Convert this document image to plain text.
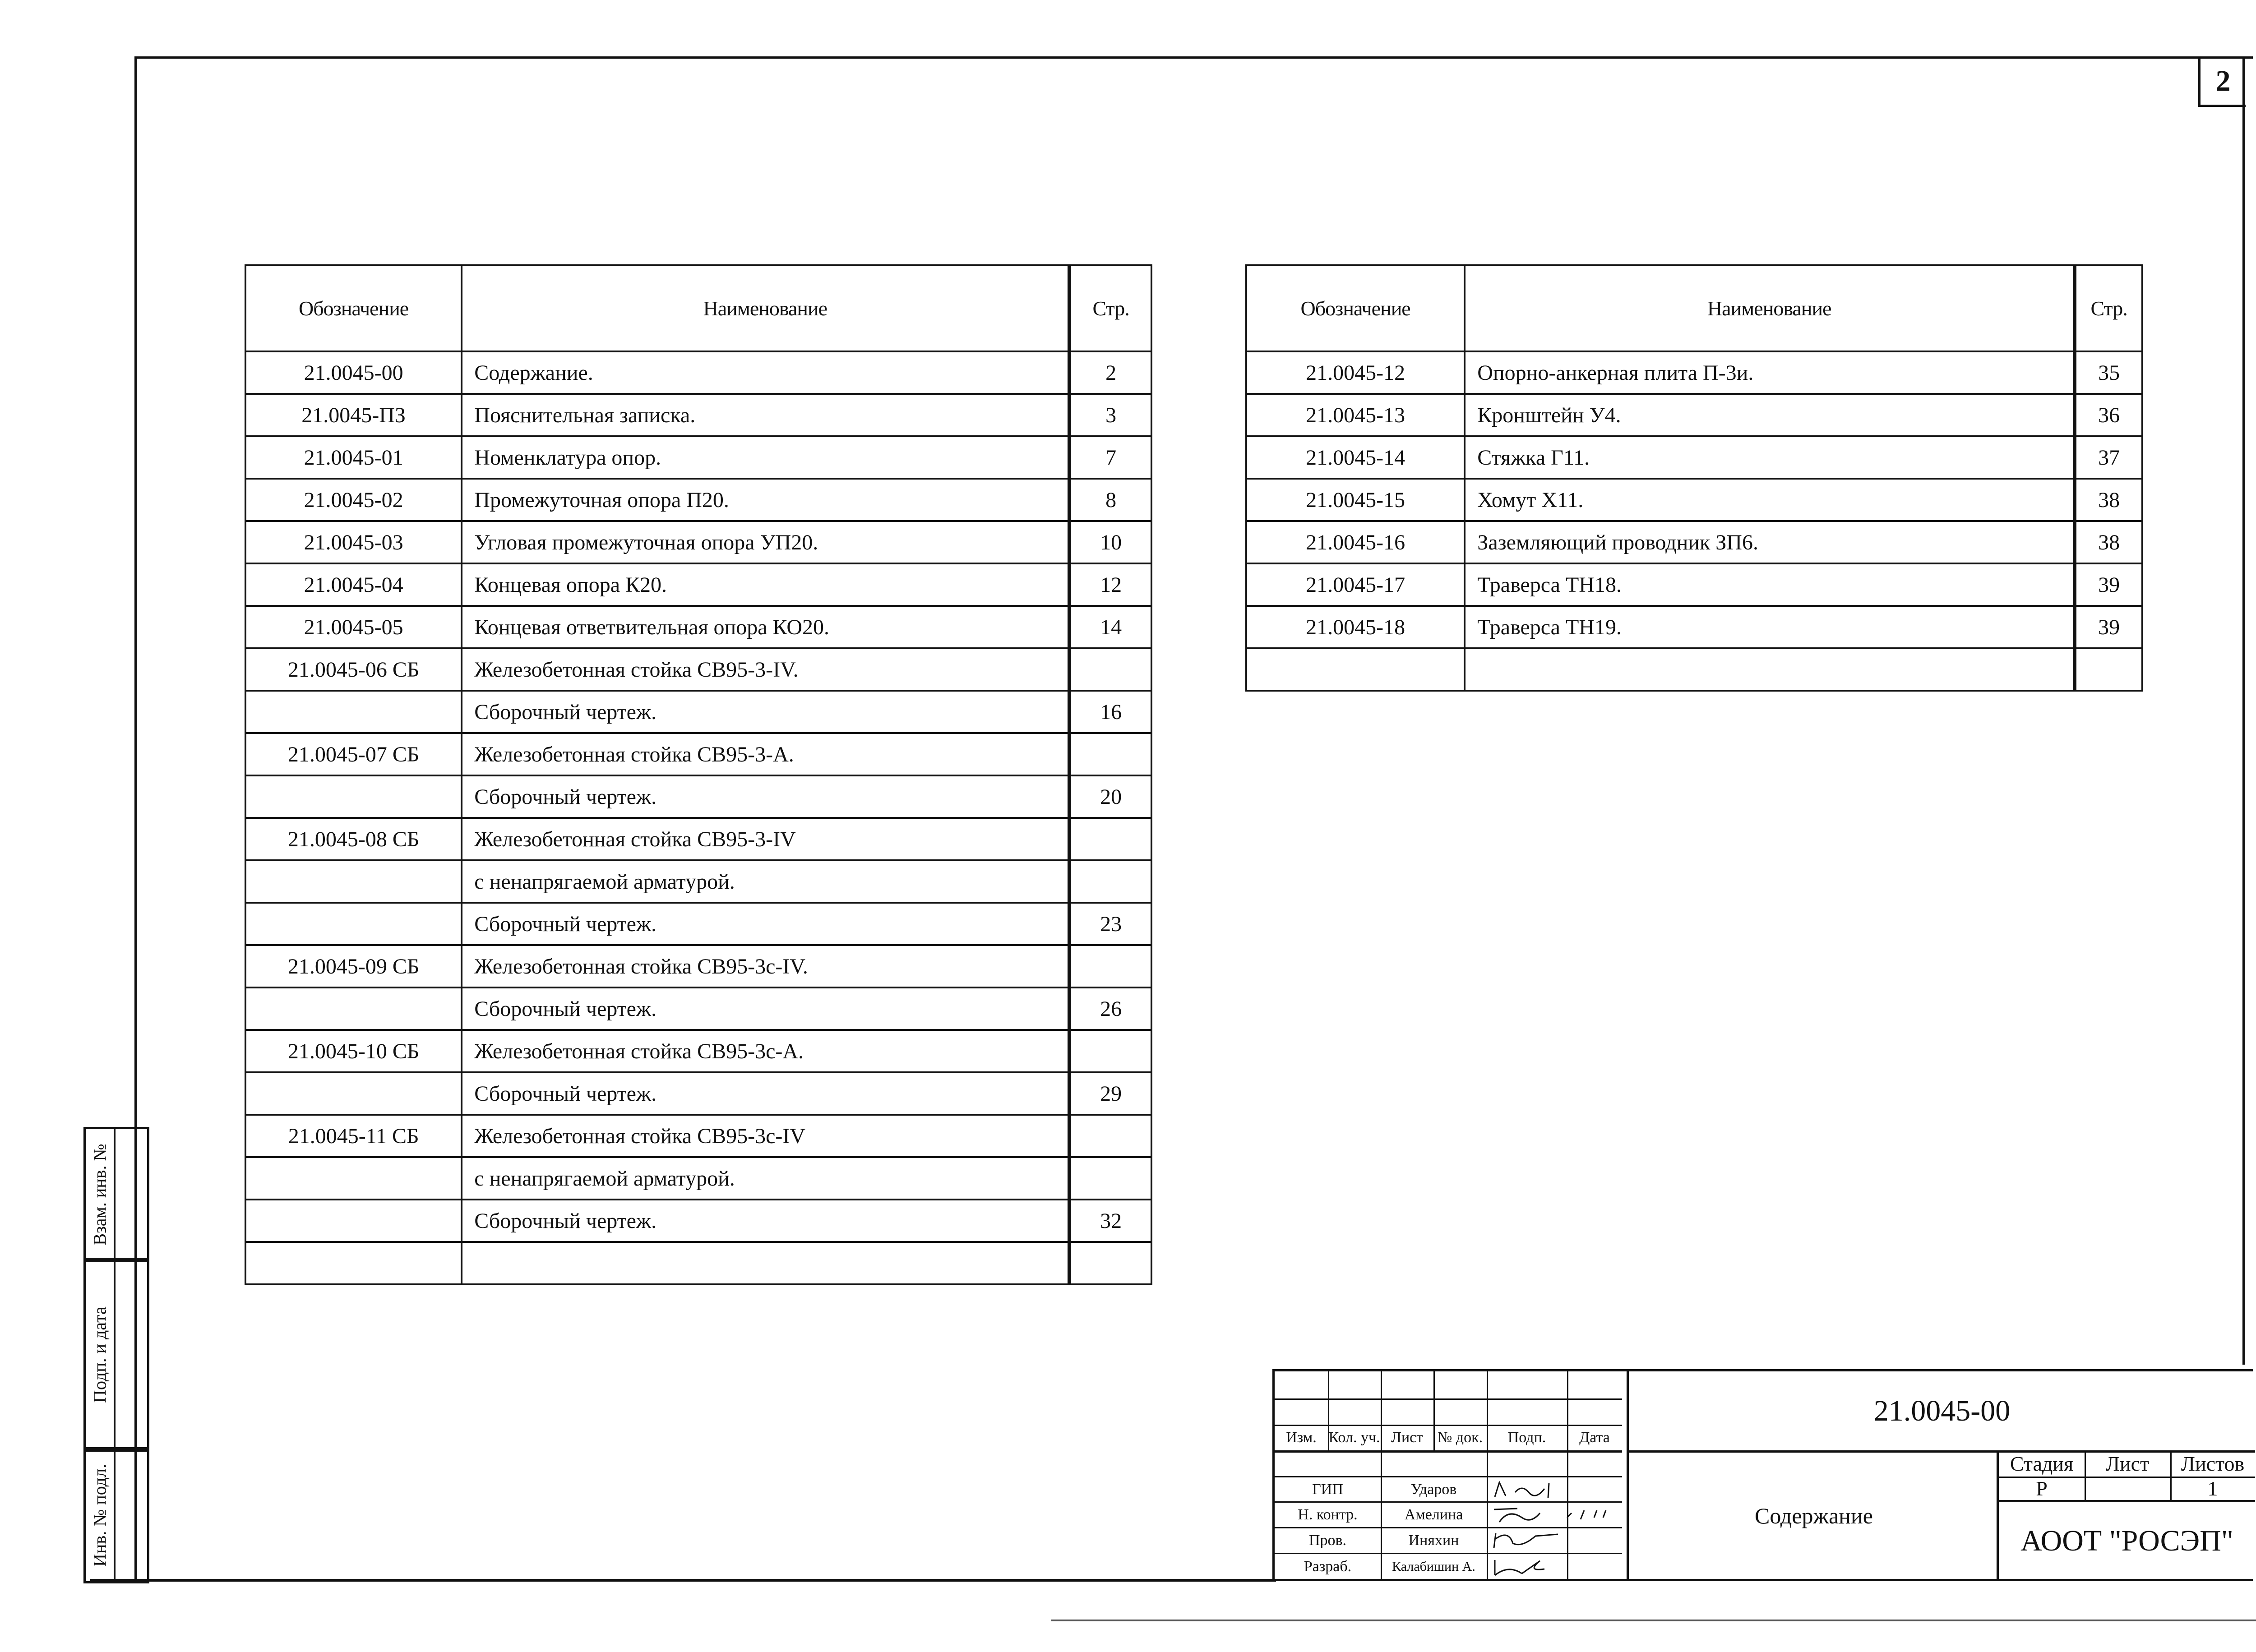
2
Обозначение	Наименование	Стр.
21.0045-00	Содержание.	2
21.0045-ПЗ	Пояснительная записка.	3
21.0045-01	Номенклатура опор.	7
21.0045-02	Промежуточная опора П20.	8
21.0045-03	Угловая промежуточная опора УП20.	10
21.0045-04	Концевая опора К20.	12
21.0045-05	Концевая ответвительная опора КО20.	14
21.0045-06 СБ	Железобетонная стойка СВ95-3-IV.	
	Сборочный чертеж.	16
21.0045-07 СБ	Железобетонная стойка СВ95-3-А.	
	Сборочный чертеж.	20
21.0045-08 СБ	Железобетонная стойка СВ95-3-IV	
	с ненапрягаемой арматурой.	
	Сборочный чертеж.	23
21.0045-09 СБ	Железобетонная стойка СВ95-3с-IV.	
	Сборочный чертеж.	26
21.0045-10 СБ	Железобетонная стойка СВ95-3с-А.	
	Сборочный чертеж.	29
21.0045-11 СБ	Железобетонная стойка СВ95-3с-IV	
	с ненапрягаемой арматурой.	
	Сборочный чертеж.	32

Обозначение	Наименование	Стр.
21.0045-12	Опорно-анкерная плита П-3и.	35
21.0045-13	Кронштейн У4.	36
21.0045-14	Стяжка Г11.	37
21.0045-15	Хомут Х11.	38
21.0045-16	Заземляющий проводник ЗП6.	38
21.0045-17	Траверса ТН18.	39
21.0045-18	Траверса ТН19.	39

Взам. инв. №
Подп. и дата
Инв. № подл.
Изм. Кол. уч. Лист № док.	Подп.	Дата
ГИП	Ударов
Н. контр.	Амелина
Пров.	Иняхин
Разраб.	Калабишин А.
21.0045-00
Содержание
Стадия	Лист	Листов
Р	1
АООТ "РОСЭП"
